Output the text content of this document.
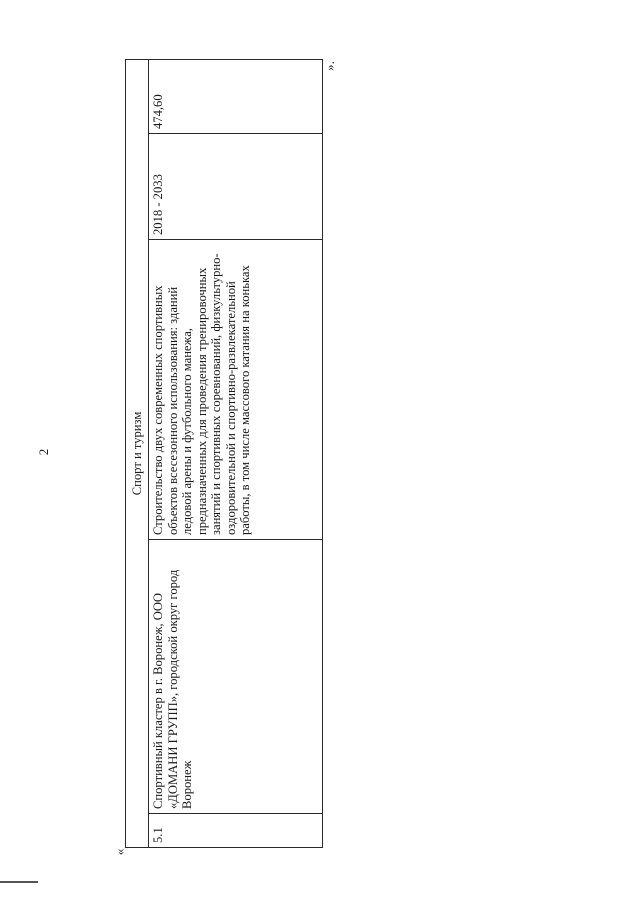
2
«
».
Спорт и туризм
5.1	Спортивный кластер в г. Воронеж, ООО «ДОМАНИ ГРУПП», городской округ город Воронеж	Строительство двух современных спортивных объектов всесезонного использования: зданий ледовой арены и футбольного манежа, предназначенных для проведения тренировочных занятий и спортивных соревнований, физкультурно-оздоровительной и спортивно-развлекательной работы, в том числе массового катания на коньках	2018 - 2033	474,60
